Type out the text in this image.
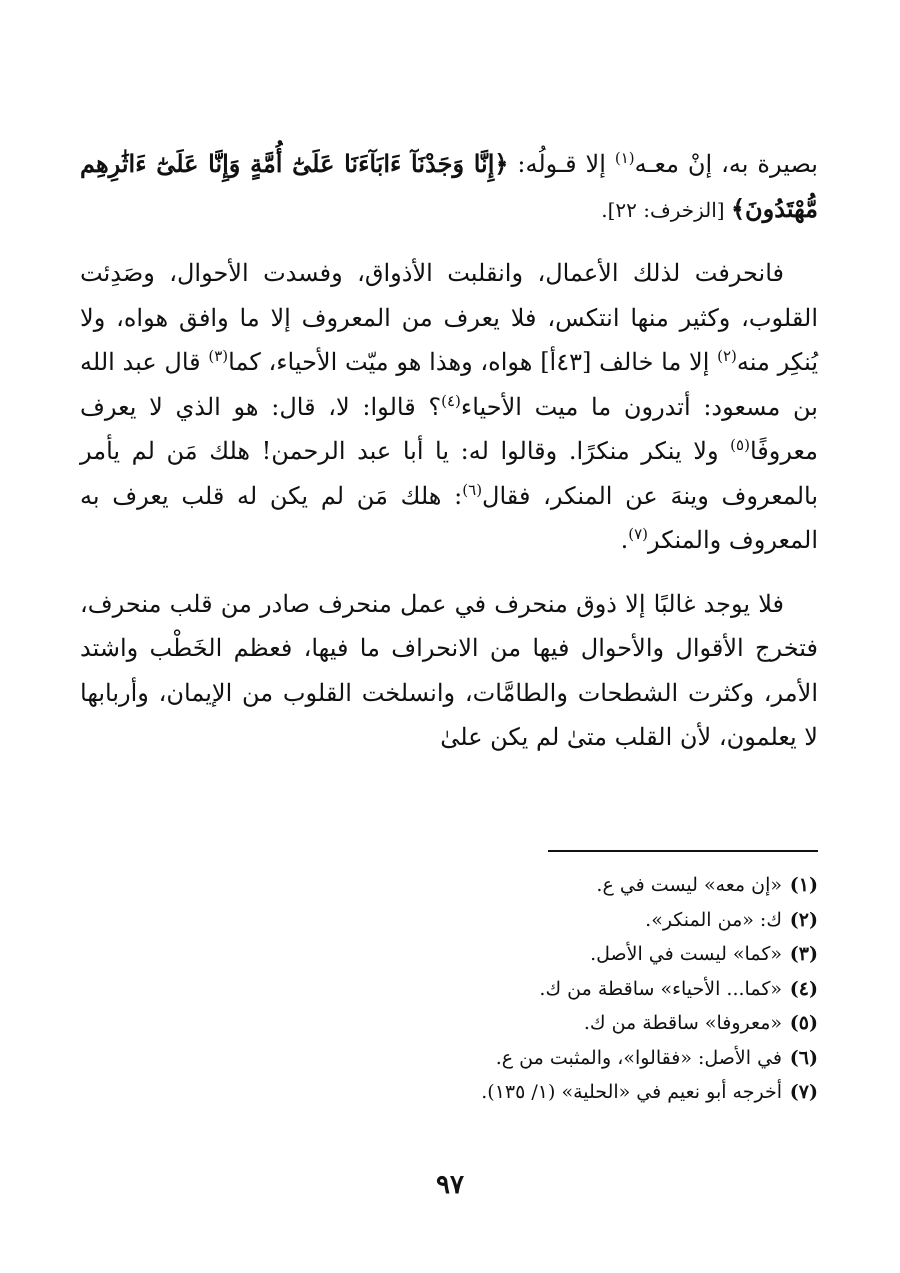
بصيرة به، إنْ معـه$^{(١)}$ إلا قـولُه: ﴿إِنَّا وَجَدْنَآ ءَابَآءَنَا عَلَىٰٓ أُمَّةٍ وَإِنَّا عَلَىٰٓ ءَاثَٰرِهِم مُّهْتَدُونَ﴾ [الزخرف: ٢٢].

فانحرفت لذلك الأعمال، وانقلبت الأذواق، وفسدت الأحوال، وصَدِئت القلوب، وكثير منها انتكس، فلا يعرف من المعروف إلا ما وافق هواه، ولا يُنكِر منه$^{(٢)}$ إلا ما خالف [٤٣أ] هواه، وهذا هو ميّت الأحياء، كما$^{(٣)}$ قال عبد الله بن مسعود: أتدرون ما ميت الأحياء$^{(٤)}$؟ قالوا: لا، قال: هو الذي لا يعرف معروفًا$^{(٥)}$ ولا ينكر منكرًا. وقالوا له: يا أبا عبد الرحمن! هلك مَن لم يأمر بالمعروف وينهَ عن المنكر، فقال$^{(٦)}$: هلك مَن لم يكن له قلب يعرف به المعروف والمنكر$^{(٧)}$.

فلا يوجد غالبًا إلا ذوق منحرف في عمل منحرف صادر من قلب منحرف، فتخرج الأقوال والأحوال فيها من الانحراف ما فيها، فعظم الخَطْب واشتد الأمر، وكثرت الشطحات والطامَّات، وانسلخت القلوب من الإيمان، وأربابها لا يعلمون، لأن القلب متىٰ لم يكن علىٰ

(١)«إن معه» ليست في ع.
(٢)ك: «من المنكر».
(٣)«كما» ليست في الأصل.
(٤)«كما... الأحياء» ساقطة من ك.
(٥)«معروفا» ساقطة من ك.
(٦)في الأصل: «فقالوا»، والمثبت من ع.
(٧)أخرجه أبو نعيم في «الحلية» (١/ ١٣٥).
٩٧
